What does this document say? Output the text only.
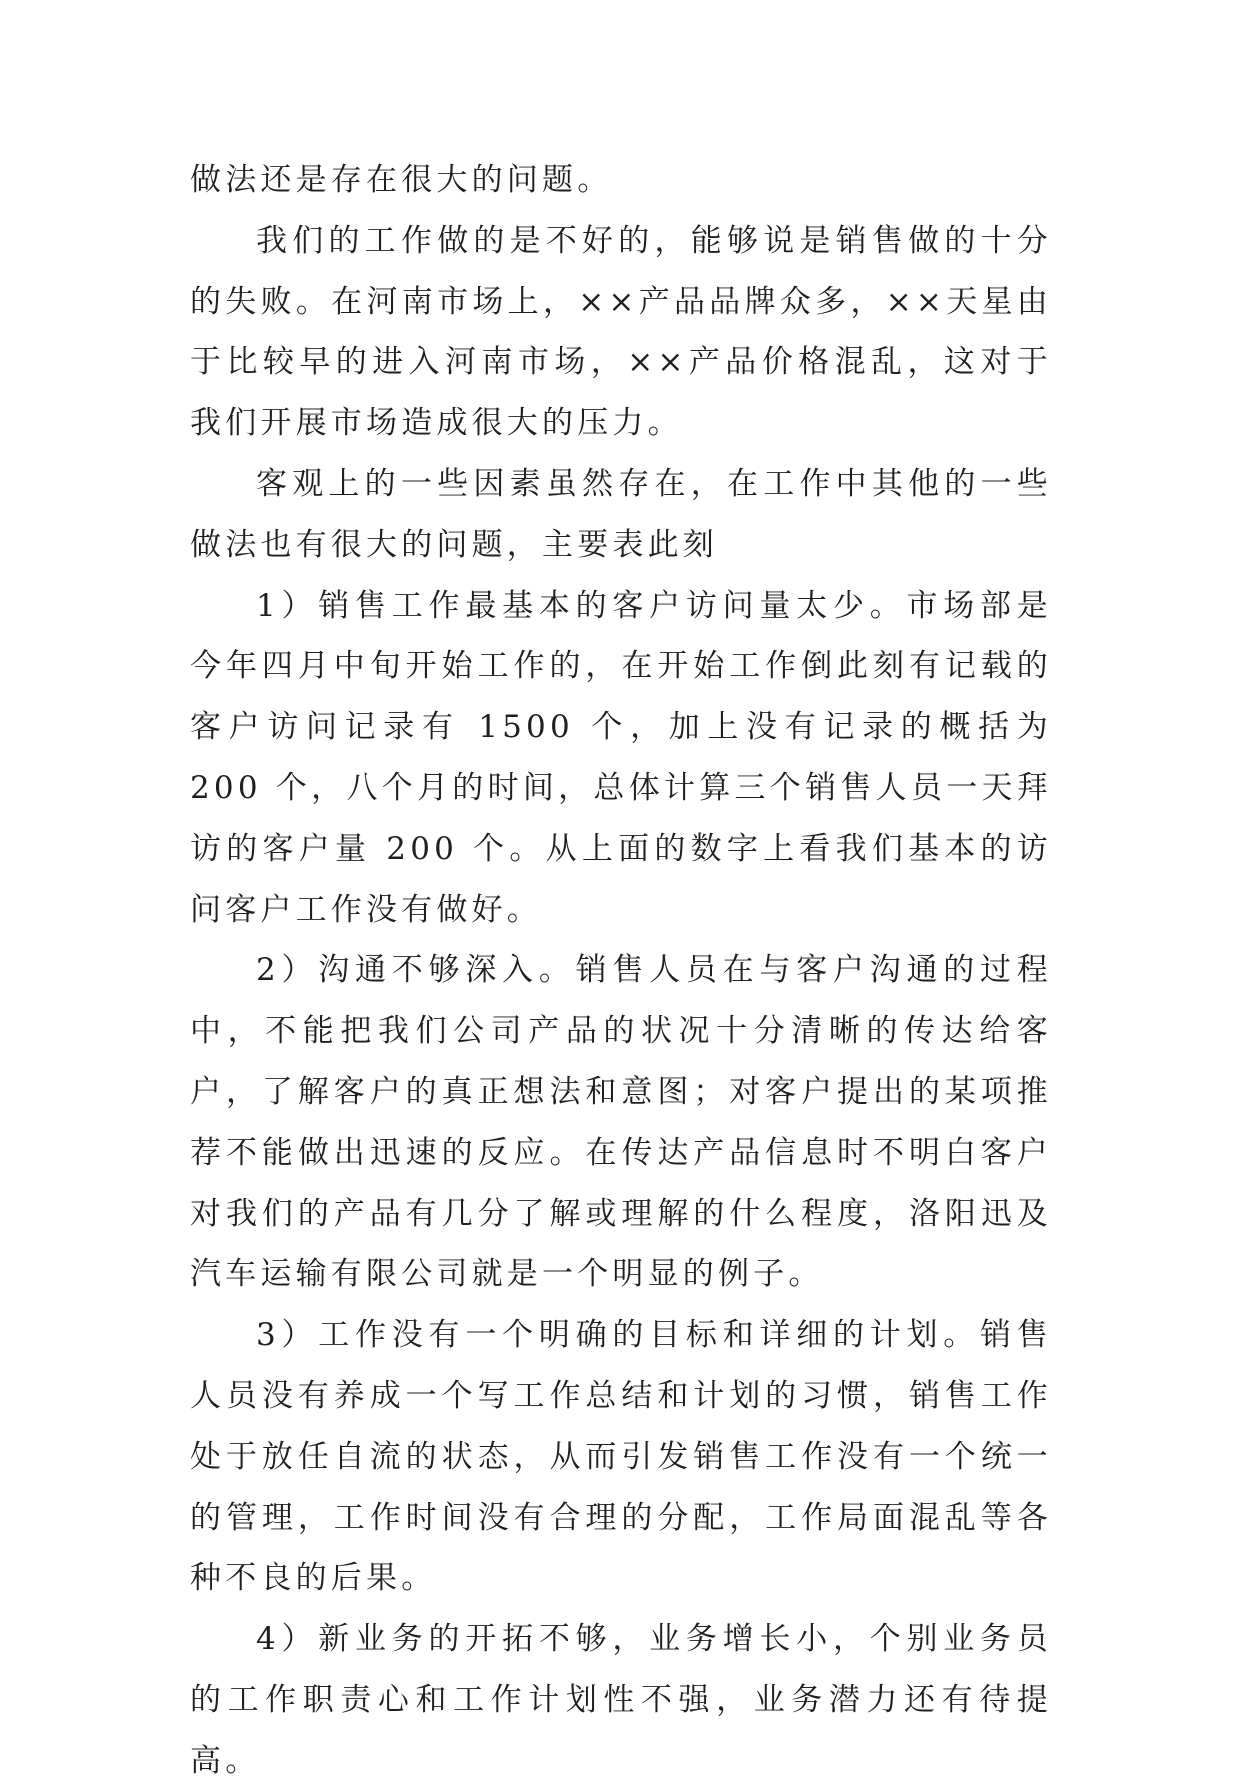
做法还是存在很大的问题。

我们的工作做的是不好的，能够说是销售做的十分的失败。在河南市场上，××产品品牌众多，××天星由于比较早的进入河南市场，××产品价格混乱，这对于我们开展市场造成很大的压力。

客观上的一些因素虽然存在，在工作中其他的一些做法也有很大的问题，主要表此刻

1）销售工作最基本的客户访问量太少。市场部是今年四月中旬开始工作的，在开始工作倒此刻有记载的客户访问记录有 1500 个，加上没有记录的概括为 200 个，八个月的时间，总体计算三个销售人员一天拜访的客户量 200 个。从上面的数字上看我们基本的访问客户工作没有做好。

2）沟通不够深入。销售人员在与客户沟通的过程中，不能把我们公司产品的状况十分清晰的传达给客户，了解客户的真正想法和意图；对客户提出的某项推荐不能做出迅速的反应。在传达产品信息时不明白客户对我们的产品有几分了解或理解的什么程度，洛阳迅及汽车运输有限公司就是一个明显的例子。

3）工作没有一个明确的目标和详细的计划。销售人员没有养成一个写工作总结和计划的习惯，销售工作处于放任自流的状态，从而引发销售工作没有一个统一的管理，工作时间没有合理的分配，工作局面混乱等各种不良的后果。

4）新业务的开拓不够，业务增长小，个别业务员的工作职责心和工作计划性不强，业务潜力还有待提高。
